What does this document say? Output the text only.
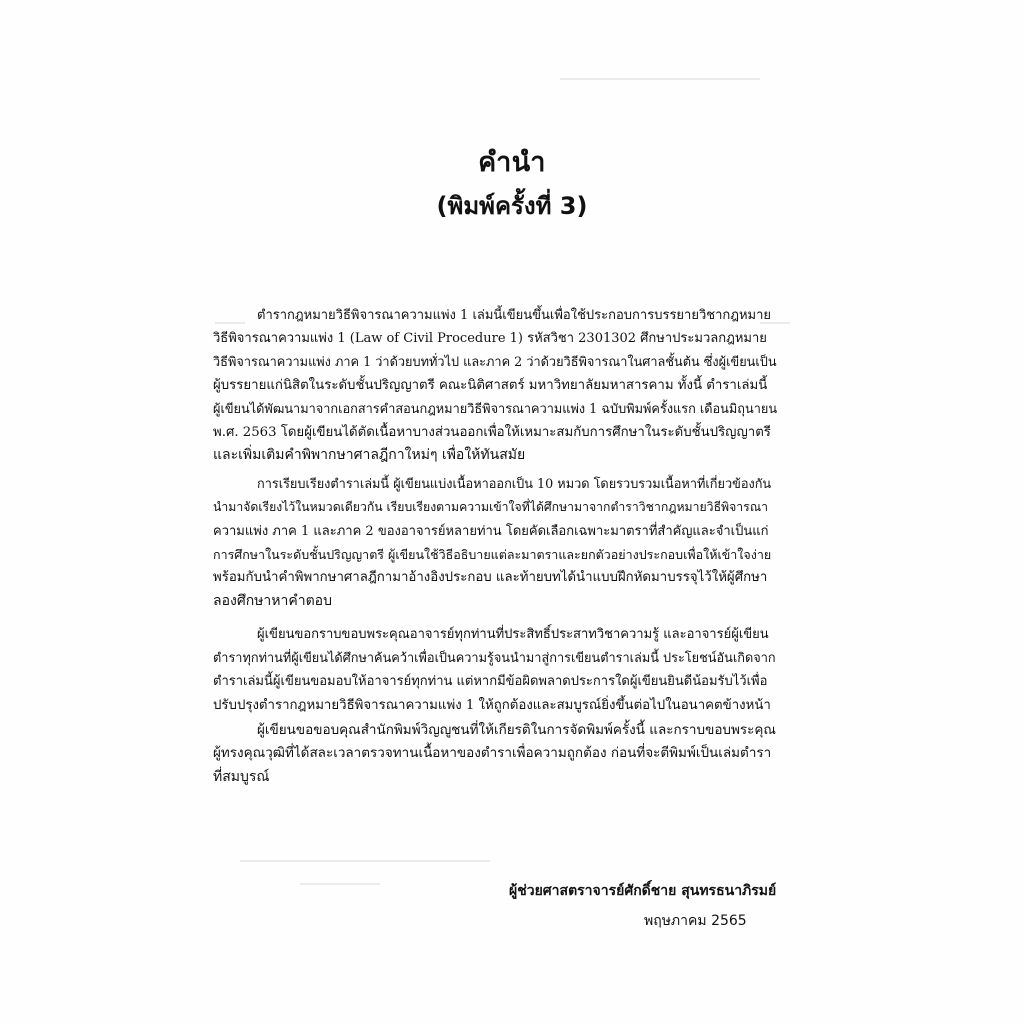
คำนำ
(พิมพ์ครั้งที่ 3)
ตำรากฎหมายวิธีพิจารณาความแพ่ง 1 เล่มนี้เขียนขึ้นเพื่อใช้ประกอบการบรรยายวิชากฎหมาย
วิธีพิจารณาความแพ่ง 1 (Law of Civil Procedure 1) รหัสวิชา 2301302 ศึกษาประมวลกฎหมาย
วิธีพิจารณาความแพ่ง ภาค 1 ว่าด้วยบททั่วไป และภาค 2 ว่าด้วยวิธีพิจารณาในศาลชั้นต้น ซึ่งผู้เขียนเป็น
ผู้บรรยายแก่นิสิตในระดับชั้นปริญญาตรี คณะนิติศาสตร์ มหาวิทยาลัยมหาสารคาม ทั้งนี้ ตำราเล่มนี้
ผู้เขียนได้พัฒนามาจากเอกสารคำสอนกฎหมายวิธีพิจารณาความแพ่ง 1 ฉบับพิมพ์ครั้งแรก เดือนมิถุนายน
พ.ศ. 2563 โดยผู้เขียนได้ตัดเนื้อหาบางส่วนออกเพื่อให้เหมาะสมกับการศึกษาในระดับชั้นปริญญาตรี
และเพิ่มเติมคำพิพากษาศาลฎีกาใหม่ๆ เพื่อให้ทันสมัย
การเรียบเรียงตำราเล่มนี้ ผู้เขียนแบ่งเนื้อหาออกเป็น 10 หมวด โดยรวบรวมเนื้อหาที่เกี่ยวข้องกัน
นำมาจัดเรียงไว้ในหมวดเดียวกัน เรียบเรียงตามความเข้าใจที่ได้ศึกษามาจากตำราวิชากฎหมายวิธีพิจารณา
ความแพ่ง ภาค 1 และภาค 2 ของอาจารย์หลายท่าน โดยคัดเลือกเฉพาะมาตราที่สำคัญและจำเป็นแก่
การศึกษาในระดับชั้นปริญญาตรี ผู้เขียนใช้วิธีอธิบายแต่ละมาตราและยกตัวอย่างประกอบเพื่อให้เข้าใจง่าย
พร้อมกับนำคำพิพากษาศาลฎีกามาอ้างอิงประกอบ และท้ายบทได้นำแบบฝึกหัดมาบรรจุไว้ให้ผู้ศึกษา
ลองศึกษาหาคำตอบ
ผู้เขียนขอกราบขอบพระคุณอาจารย์ทุกท่านที่ประสิทธิ์ประสาทวิชาความรู้ และอาจารย์ผู้เขียน
ตำราทุกท่านที่ผู้เขียนได้ศึกษาค้นคว้าเพื่อเป็นความรู้จนนำมาสู่การเขียนตำราเล่มนี้ ประโยชน์อันเกิดจาก
ตำราเล่มนี้ผู้เขียนขอมอบให้อาจารย์ทุกท่าน แต่หากมีข้อผิดพลาดประการใดผู้เขียนยินดีน้อมรับไว้เพื่อ
ปรับปรุงตำรากฎหมายวิธีพิจารณาความแพ่ง 1 ให้ถูกต้องและสมบูรณ์ยิ่งขึ้นต่อไปในอนาคตข้างหน้า
ผู้เขียนขอขอบคุณสำนักพิมพ์วิญญูชนที่ให้เกียรติในการจัดพิมพ์ครั้งนี้ และกราบขอบพระคุณ
ผู้ทรงคุณวุฒิที่ได้สละเวลาตรวจทานเนื้อหาของตำราเพื่อความถูกต้อง ก่อนที่จะตีพิมพ์เป็นเล่มตำรา
ที่สมบูรณ์
ผู้ช่วยศาสตราจารย์ศักดิ์ชาย สุนทรธนาภิรมย์
พฤษภาคม 2565
